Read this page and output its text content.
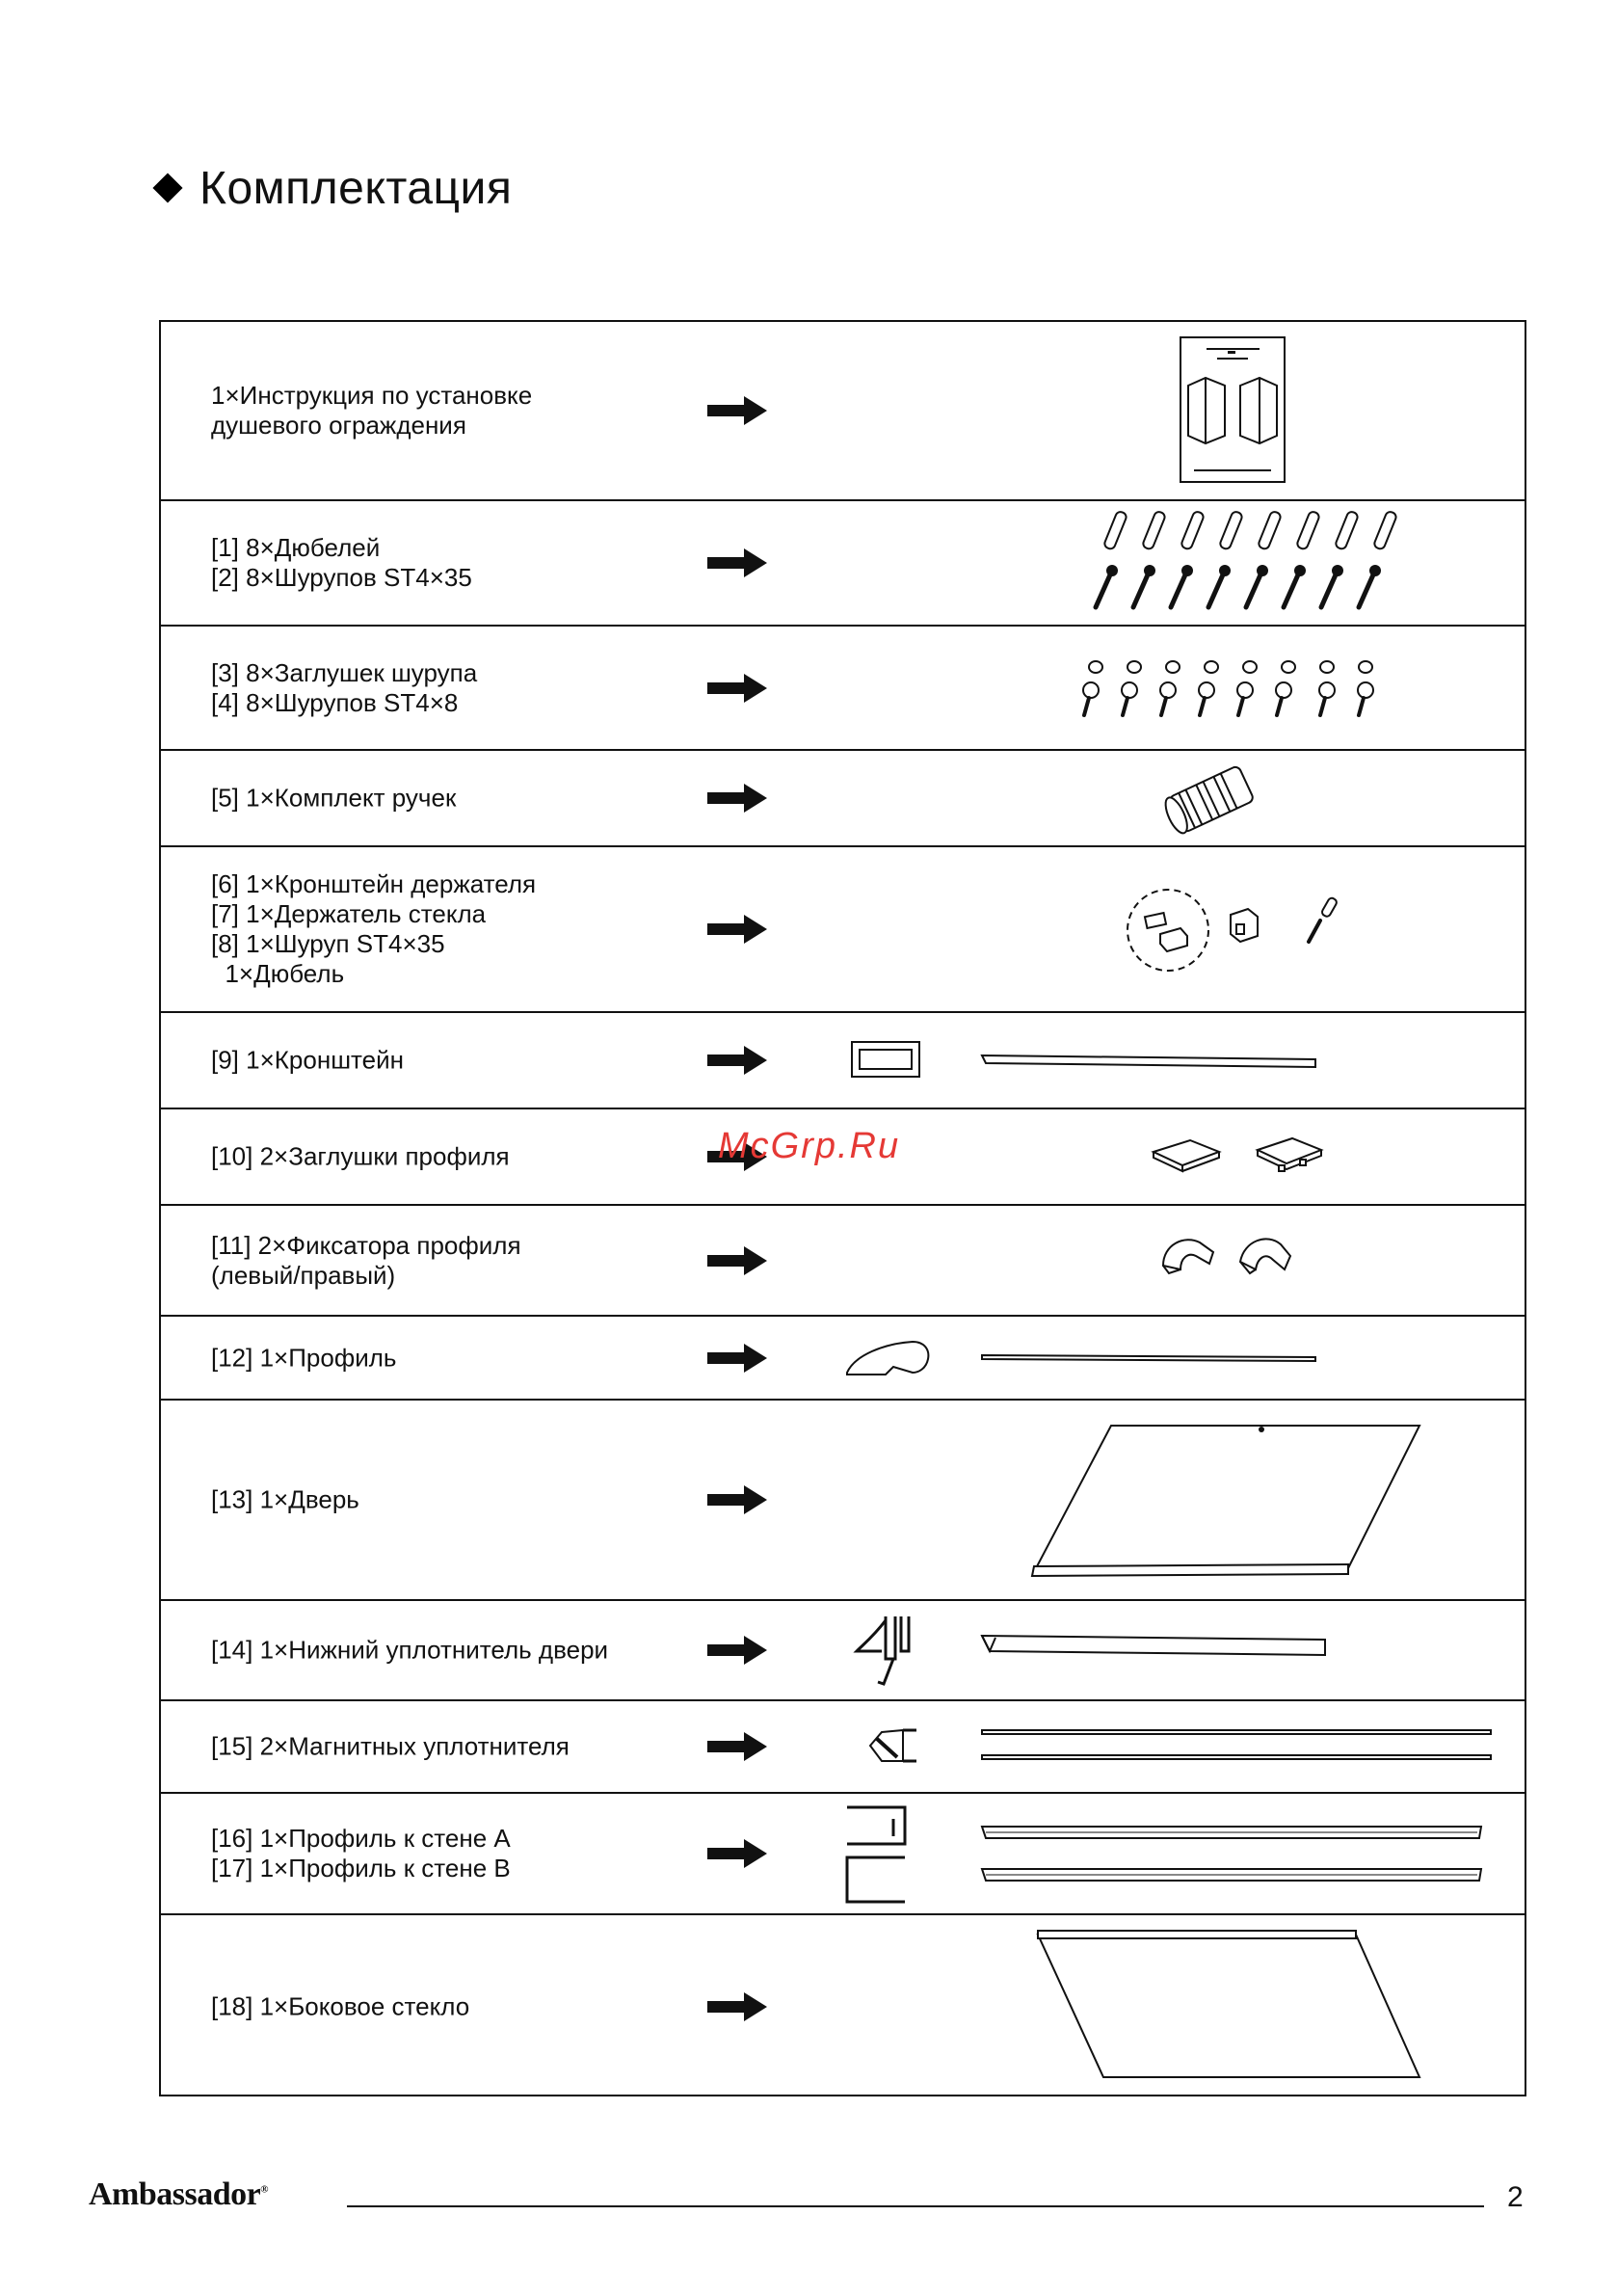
Комплектация
1×Инструкция по установке
душевого ограждения
[1] 8×Дюбелей
[2] 8×Шурупов ST4×35
[3] 8×Заглушек шурупа
[4] 8×Шурупов ST4×8
[5] 1×Комплект ручек
[6] 1×Кронштейн держателя
[7] 1×Держатель стекла
[8] 1×Шуруп ST4×35
1×Дюбель
[9] 1×Кронштейн
[10] 2×Заглушки профиля
[11] 2×Фиксатора профиля
(левый/правый)
[12] 1×Профиль
[13] 1×Дверь
[14] 1×Нижний уплотнитель двери
[15] 2×Магнитных уплотнителя
[16] 1×Профиль к стене A
[17] 1×Профиль к стене B
[18] 1×Боковое стекло
McGrp.Ru
Ambassador®	2
